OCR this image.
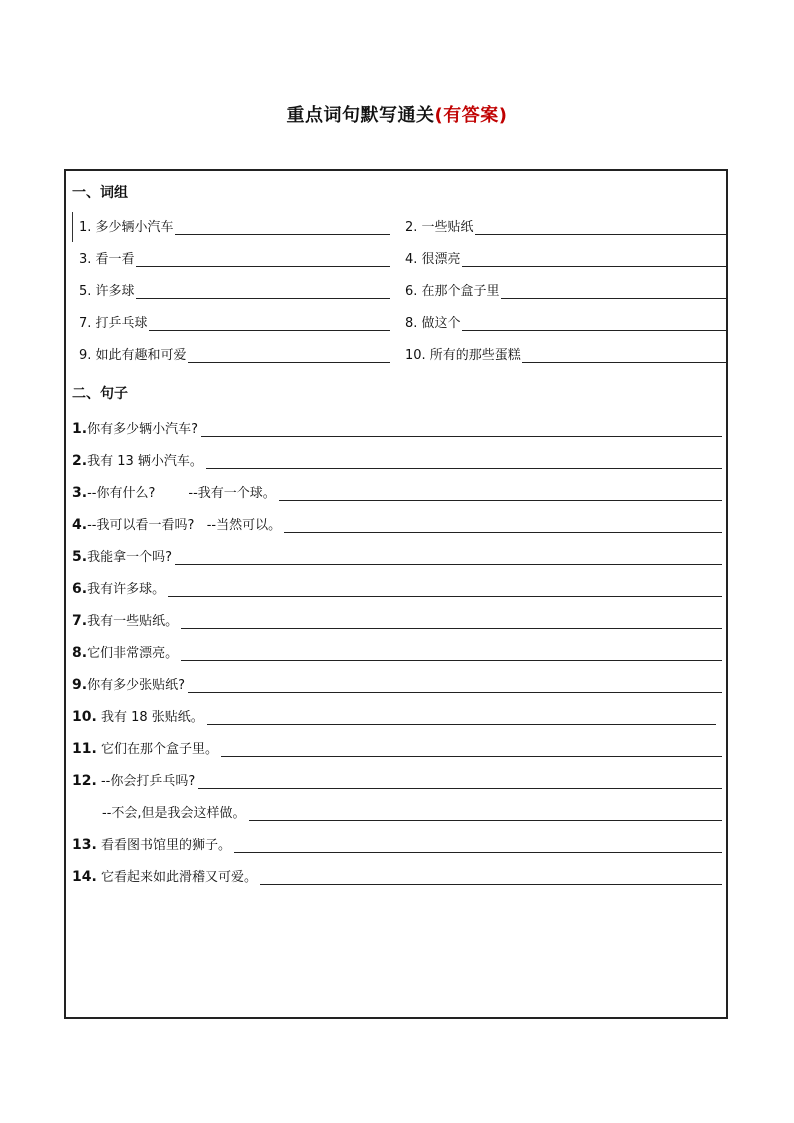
重点词句默写通关(有答案)
一、词组
1. 多少辆小汽车	2. 一些贴纸
3. 看一看	4. 很漂亮
5. 许多球	6. 在那个盒子里
7. 打乒乓球	8. 做这个
9. 如此有趣和可爱	10. 所有的那些蛋糕
二、句子
1. 你有多少辆小汽车?
2. 我有 13 辆小汽车。
3. --你有什么?        --我有一个球。
4. --我可以看一看吗?   --当然可以。
5. 我能拿一个吗?
6. 我有许多球。
7. 我有一些贴纸。
8. 它们非常漂亮。
9. 你有多少张贴纸?
10. 我有 18 张贴纸。
11. 它们在那个盒子里。
12. --你会打乒乓吗?
--不会,但是我会这样做。
13. 看看图书馆里的狮子。
14. 它看起来如此滑稽又可爱。
